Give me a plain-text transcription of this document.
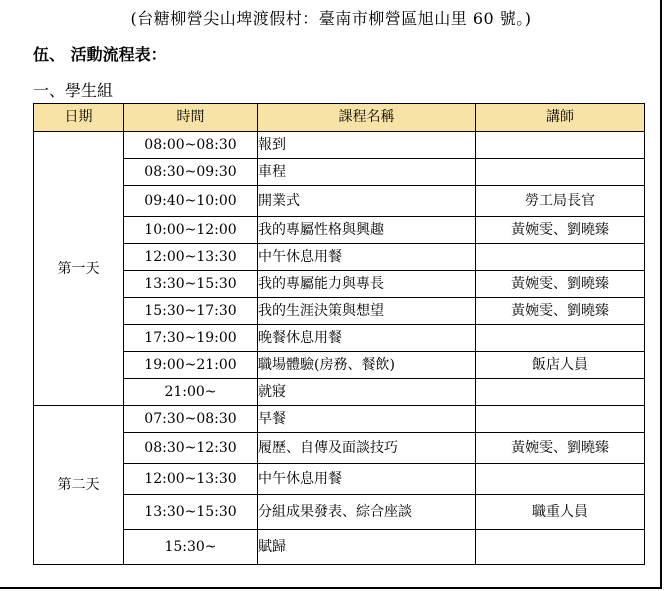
(台糖柳營尖山埤渡假村：臺南市柳營區旭山里 60 號。)
伍、 活動流程表：
一、學生組
日期	時間	課程名稱	講師
第一天	08:00~08:30	報到	
	08:30~09:30	車程	
	09:40~10:00	開業式	勞工局長官
	10:00~12:00	我的專屬性格與興趣	黃婉雯、劉曉臻
	12:00~13:30	中午休息用餐	
	13:30~15:30	我的專屬能力與專長	黃婉雯、劉曉臻
	15:30~17:30	我的生涯決策與想望	黃婉雯、劉曉臻
	17:30~19:00	晚餐休息用餐	
	19:00~21:00	職場體驗(房務、餐飲)	飯店人員
	21:00~	就寢	
第二天	07:30~08:30	早餐	
	08:30~12:30	履歷、自傳及面談技巧	黃婉雯、劉曉臻
	12:00~13:30	中午休息用餐	
	13:30~15:30	分組成果發表、綜合座談	職重人員
	15:30~	賦歸	
